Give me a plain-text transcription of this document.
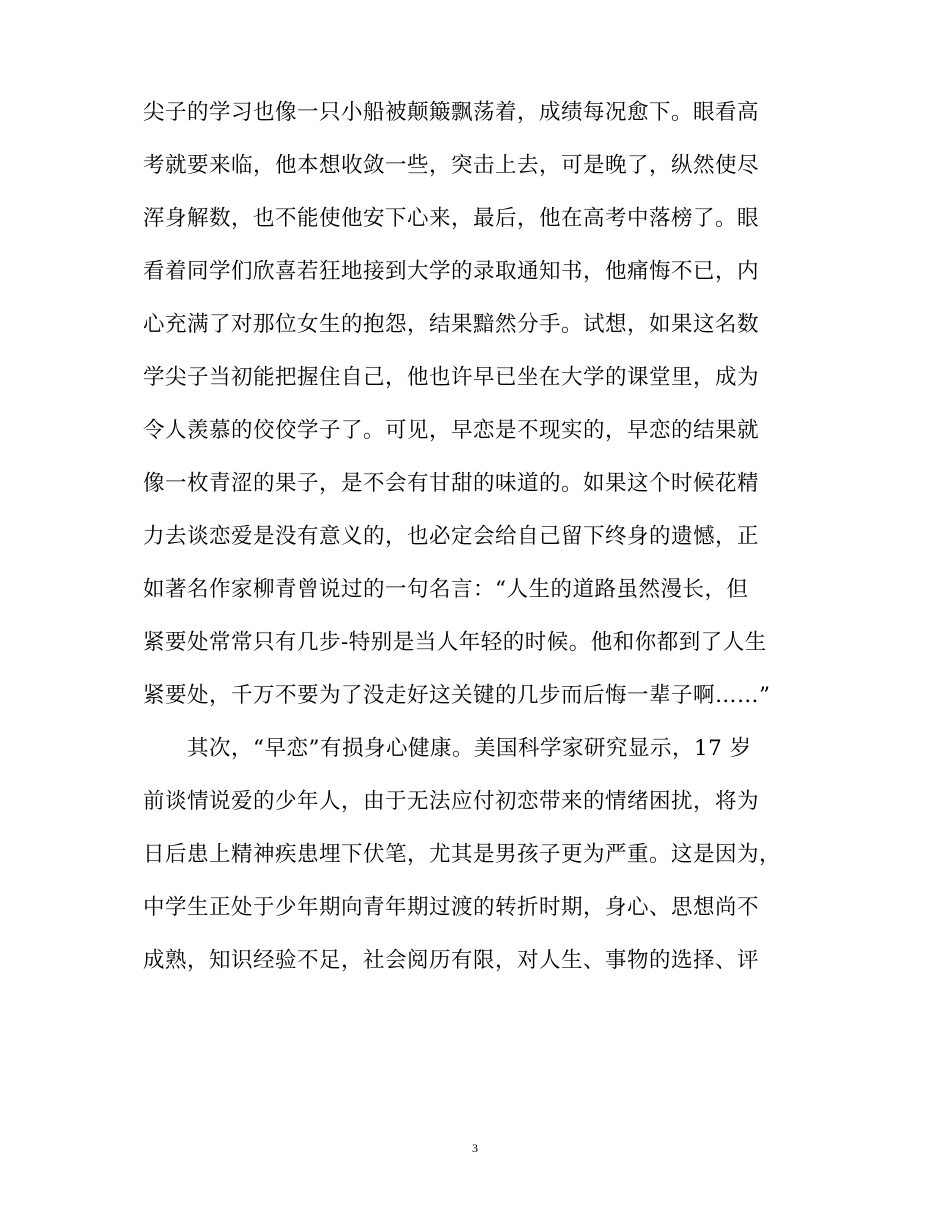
尖子的学习也像一只小船被颠簸飘荡着，成绩每况愈下。眼看高
考就要来临，他本想收敛一些，突击上去，可是晚了，纵然使尽
浑身解数，也不能使他安下心来，最后，他在高考中落榜了。眼
看着同学们欣喜若狂地接到大学的录取通知书，他痛悔不已，内
心充满了对那位女生的抱怨，结果黯然分手。试想，如果这名数
学尖子当初能把握住自己，他也许早已坐在大学的课堂里，成为
令人羡慕的佼佼学子了。可见，早恋是不现实的，早恋的结果就
像一枚青涩的果子，是不会有甘甜的味道的。如果这个时候花精
力去谈恋爱是没有意义的，也必定会给自己留下终身的遗憾，正
如著名作家柳青曾说过的一句名言：“人生的道路虽然漫长，但
紧要处常常只有几步-特别是当人年轻的时候。他和你都到了人生
紧要处，千万不要为了没走好这关键的几步而后悔一辈子啊……”
　　其次，“早恋”有损身心健康。美国科学家研究显示，17 岁
前谈情说爱的少年人，由于无法应付初恋带来的情绪困扰，将为
日后患上精神疾患埋下伏笔，尤其是男孩子更为严重。这是因为，
中学生正处于少年期向青年期过渡的转折时期，身心、思想尚不
成熟，知识经验不足，社会阅历有限，对人生、事物的选择、评
3
